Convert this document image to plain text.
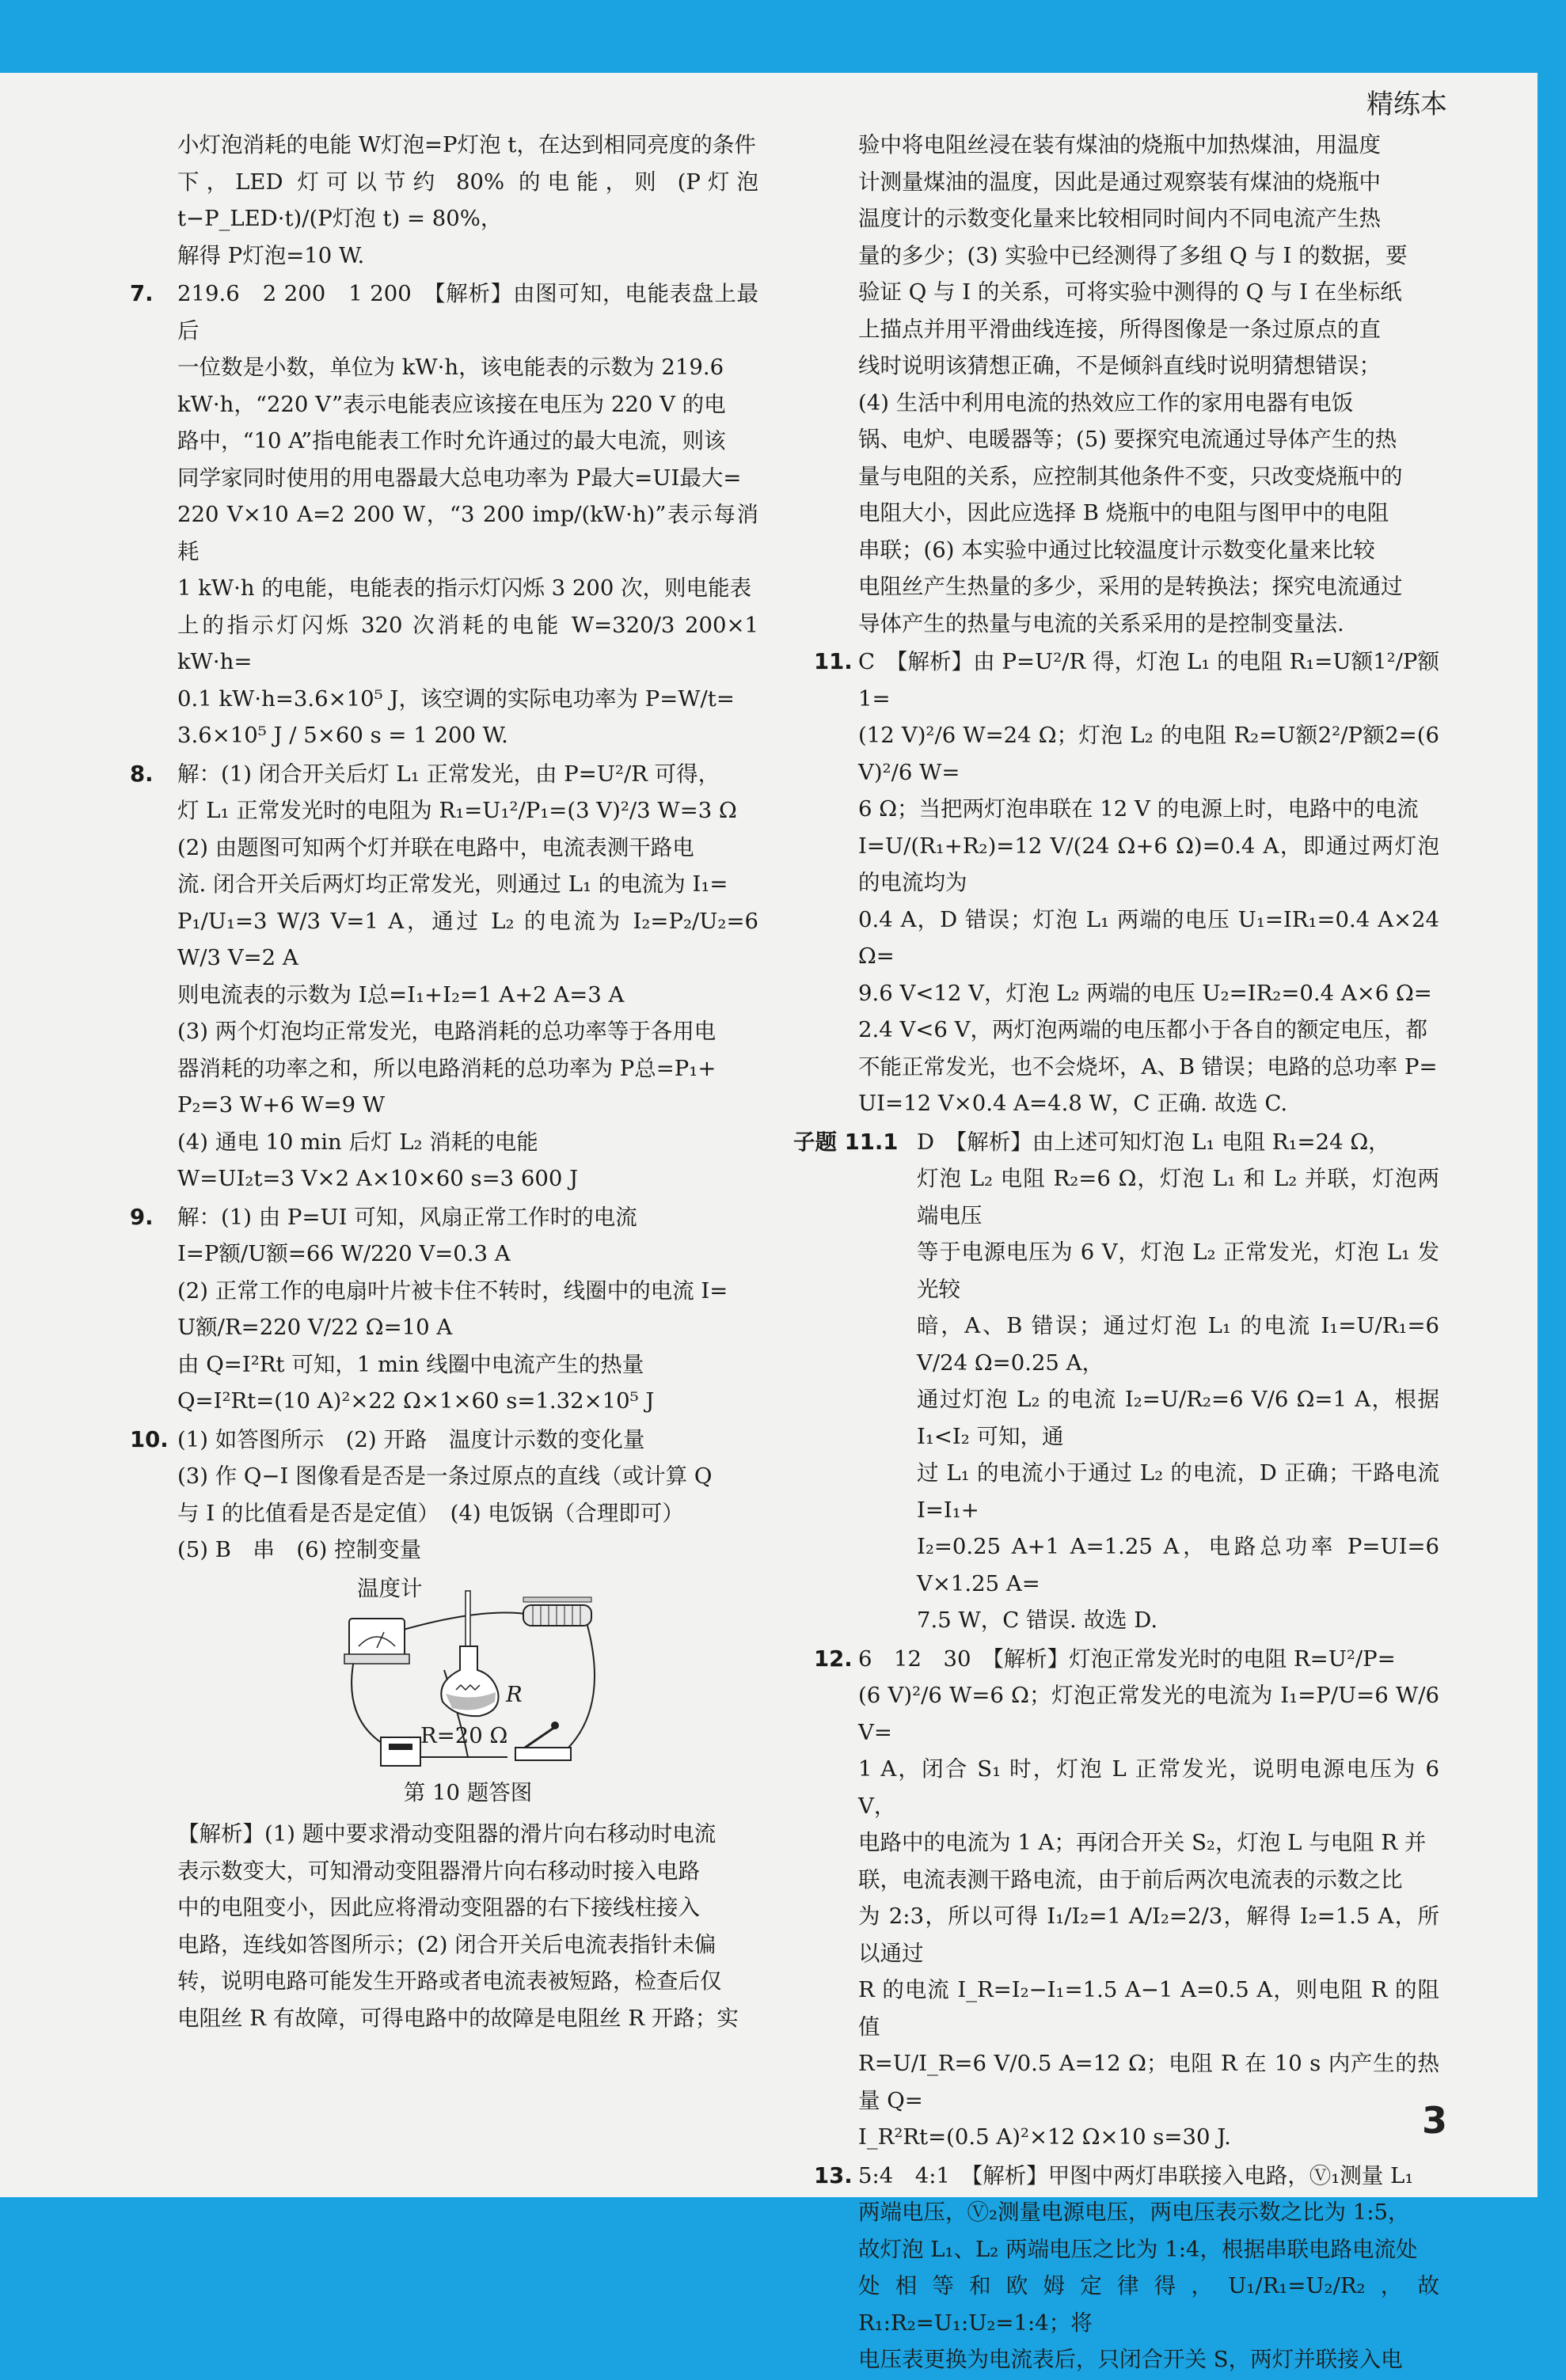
精练本

小灯泡消耗的电能 W灯泡=P灯泡 t，在达到相同亮度的条件

下，LED 灯可以节约 80% 的电能，则 (P灯泡 t−P_LED·t)/(P灯泡 t) = 80%，

解得 P灯泡=10 W.

7. 219.6　2 200　1 200　【解析】由图可知，电能表盘上最后

一位数是小数，单位为 kW·h，该电能表的示数为 219.6

kW·h，“220 V”表示电能表应该接在电压为 220 V 的电

路中，“10 A”指电能表工作时允许通过的最大电流，则该

同学家同时使用的用电器最大总电功率为 P最大=UI最大=

220 V×10 A=2 200 W，“3 200 imp/(kW·h)”表示每消耗

1 kW·h 的电能，电能表的指示灯闪烁 3 200 次，则电能表

上的指示灯闪烁 320 次消耗的电能 W=320/3 200×1 kW·h=

0.1 kW·h=3.6×10⁵ J，该空调的实际电功率为 P=W/t=

3.6×10⁵ J / 5×60 s = 1 200 W.

8. 解：(1) 闭合开关后灯 L₁ 正常发光，由 P=U²/R 可得，

灯 L₁ 正常发光时的电阻为 R₁=U₁²/P₁=(3 V)²/3 W=3 Ω

(2) 由题图可知两个灯并联在电路中，电流表测干路电

流. 闭合开关后两灯均正常发光，则通过 L₁ 的电流为 I₁=

P₁/U₁=3 W/3 V=1 A，通过 L₂ 的电流为 I₂=P₂/U₂=6 W/3 V=2 A

则电流表的示数为 I总=I₁+I₂=1 A+2 A=3 A

(3) 两个灯泡均正常发光，电路消耗的总功率等于各用电

器消耗的功率之和，所以电路消耗的总功率为 P总=P₁+

P₂=3 W+6 W=9 W

(4) 通电 10 min 后灯 L₂ 消耗的电能

W=UI₂t=3 V×2 A×10×60 s=3 600 J

9. 解：(1) 由 P=UI 可知，风扇正常工作时的电流

I=P额/U额=66 W/220 V=0.3 A

(2) 正常工作的电扇叶片被卡住不转时，线圈中的电流 I=

U额/R=220 V/22 Ω=10 A

由 Q=I²Rt 可知，1 min 线圈中电流产生的热量

Q=I²Rt=(10 A)²×22 Ω×1×60 s=1.32×10⁵ J

10. (1) 如答图所示　(2) 开路　温度计示数的变化量

(3) 作 Q−I 图像看是否是一条过原点的直线（或计算 Q

与 I 的比值看是否是定值）　(4) 电饭锅（合理即可）

(5) B　串　(6) 控制变量

温度计
R
R=20 Ω

第 10 题答图

【解析】(1) 题中要求滑动变阻器的滑片向右移动时电流

表示数变大，可知滑动变阻器滑片向右移动时接入电路

中的电阻变小，因此应将滑动变阻器的右下接线柱接入

电路，连线如答图所示；(2) 闭合开关后电流表指针未偏

转，说明电路可能发生开路或者电流表被短路，检查后仅

电阻丝 R 有故障，可得电路中的故障是电阻丝 R 开路；实

验中将电阻丝浸在装有煤油的烧瓶中加热煤油，用温度

计测量煤油的温度，因此是通过观察装有煤油的烧瓶中

温度计的示数变化量来比较相同时间内不同电流产生热

量的多少；(3) 实验中已经测得了多组 Q 与 I 的数据，要

验证 Q 与 I 的关系，可将实验中测得的 Q 与 I 在坐标纸

上描点并用平滑曲线连接，所得图像是一条过原点的直

线时说明该猜想正确，不是倾斜直线时说明猜想错误；

(4) 生活中利用电流的热效应工作的家用电器有电饭

锅、电炉、电暖器等；(5) 要探究电流通过导体产生的热

量与电阻的关系，应控制其他条件不变，只改变烧瓶中的

电阻大小，因此应选择 B 烧瓶中的电阻与图甲中的电阻

串联；(6) 本实验中通过比较温度计示数变化量来比较

电阻丝产生热量的多少，采用的是转换法；探究电流通过

导体产生的热量与电流的关系采用的是控制变量法.

11. C　【解析】由 P=U²/R 得，灯泡 L₁ 的电阻 R₁=U额1²/P额1=

(12 V)²/6 W=24 Ω；灯泡 L₂ 的电阻 R₂=U额2²/P额2=(6 V)²/6 W=

6 Ω；当把两灯泡串联在 12 V 的电源上时，电路中的电流

I=U/(R₁+R₂)=12 V/(24 Ω+6 Ω)=0.4 A，即通过两灯泡的电流均为

0.4 A，D 错误；灯泡 L₁ 两端的电压 U₁=IR₁=0.4 A×24 Ω=

9.6 V<12 V，灯泡 L₂ 两端的电压 U₂=IR₂=0.4 A×6 Ω=

2.4 V<6 V，两灯泡两端的电压都小于各自的额定电压，都

不能正常发光，也不会烧坏，A、B 错误；电路的总功率 P=

UI=12 V×0.4 A=4.8 W，C 正确. 故选 C.

子题 11.1 D　【解析】由上述可知灯泡 L₁ 电阻 R₁=24 Ω，

灯泡 L₂ 电阻 R₂=6 Ω，灯泡 L₁ 和 L₂ 并联，灯泡两端电压

等于电源电压为 6 V，灯泡 L₂ 正常发光，灯泡 L₁ 发光较

暗，A、B 错误；通过灯泡 L₁ 的电流 I₁=U/R₁=6 V/24 Ω=0.25 A，

通过灯泡 L₂ 的电流 I₂=U/R₂=6 V/6 Ω=1 A，根据 I₁<I₂ 可知，通

过 L₁ 的电流小于通过 L₂ 的电流，D 正确；干路电流 I=I₁+

I₂=0.25 A+1 A=1.25 A，电路总功率 P=UI=6 V×1.25 A=

7.5 W，C 错误. 故选 D.

12. 6　12　30　【解析】灯泡正常发光时的电阻 R=U²/P=

(6 V)²/6 W=6 Ω；灯泡正常发光的电流为 I₁=P/U=6 W/6 V=

1 A，闭合 S₁ 时，灯泡 L 正常发光，说明电源电压为 6 V，

电路中的电流为 1 A；再闭合开关 S₂，灯泡 L 与电阻 R 并

联，电流表测干路电流，由于前后两次电流表的示数之比

为 2:3，所以可得 I₁/I₂=1 A/I₂=2/3，解得 I₂=1.5 A，所以通过

R 的电流 I_R=I₂−I₁=1.5 A−1 A=0.5 A，则电阻 R 的阻值

R=U/I_R=6 V/0.5 A=12 Ω；电阻 R 在 10 s 内产生的热量 Q=

I_R²Rt=(0.5 A)²×12 Ω×10 s=30 J.

13. 5:4　4:1　【解析】甲图中两灯串联接入电路，Ⓥ₁测量 L₁

两端电压，Ⓥ₂测量电源电压，两电压表示数之比为 1:5，

故灯泡 L₁、L₂ 两端电压之比为 1:4，根据串联电路电流处

处相等和欧姆定律得，U₁/R₁=U₂/R₂，故 R₁:R₂=U₁:U₂=1:4；将

电压表更换为电流表后，只闭合开关 S，两灯并联接入电

3
